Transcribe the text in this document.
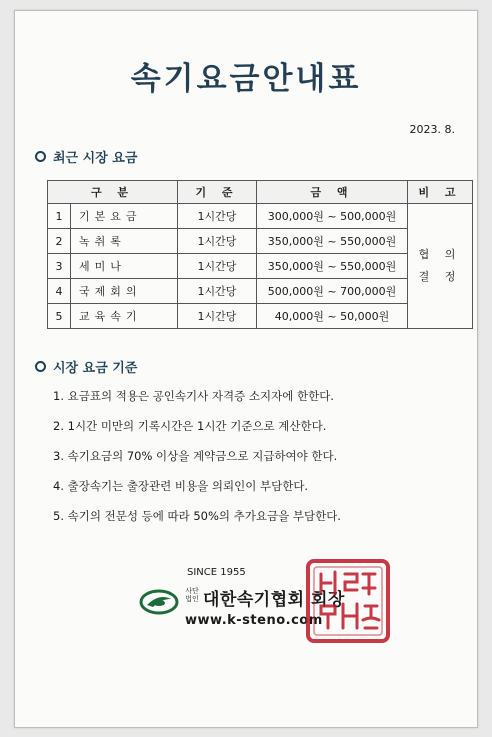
속기요금안내표
2023. 8.
최근 시장 요금
구 분		기 준	금 액	비 고
1	기본요금	1시간당	300,000원 ~ 500,000원	협 의
결 정

2	녹취록	1시간당	350,000원 ~ 550,000원	
3	세미나	1시간당	350,000원 ~ 550,000원	
4	국제회의	1시간당	500,000원 ~ 700,000원	
5	교육속기	1시간당	40,000원 ~ 50,000원	
시장 요금 기준
1. 요금표의 적용은 공인속기사 자격증 소지자에 한한다.
2. 1시간 미만의 기록시간은 1시간 기준으로 계산한다.
3. 속기요금의 70% 이상을 계약금으로 지급하여야 한다.
4. 출장속기는 출장관련 비용을 의뢰인이 부담한다.
5. 속기의 전문성 등에 따라 50%의 추가요금을 부담한다.
SINCE 1955
사단
법인 대한속기협회 회장
www.k-steno.com
